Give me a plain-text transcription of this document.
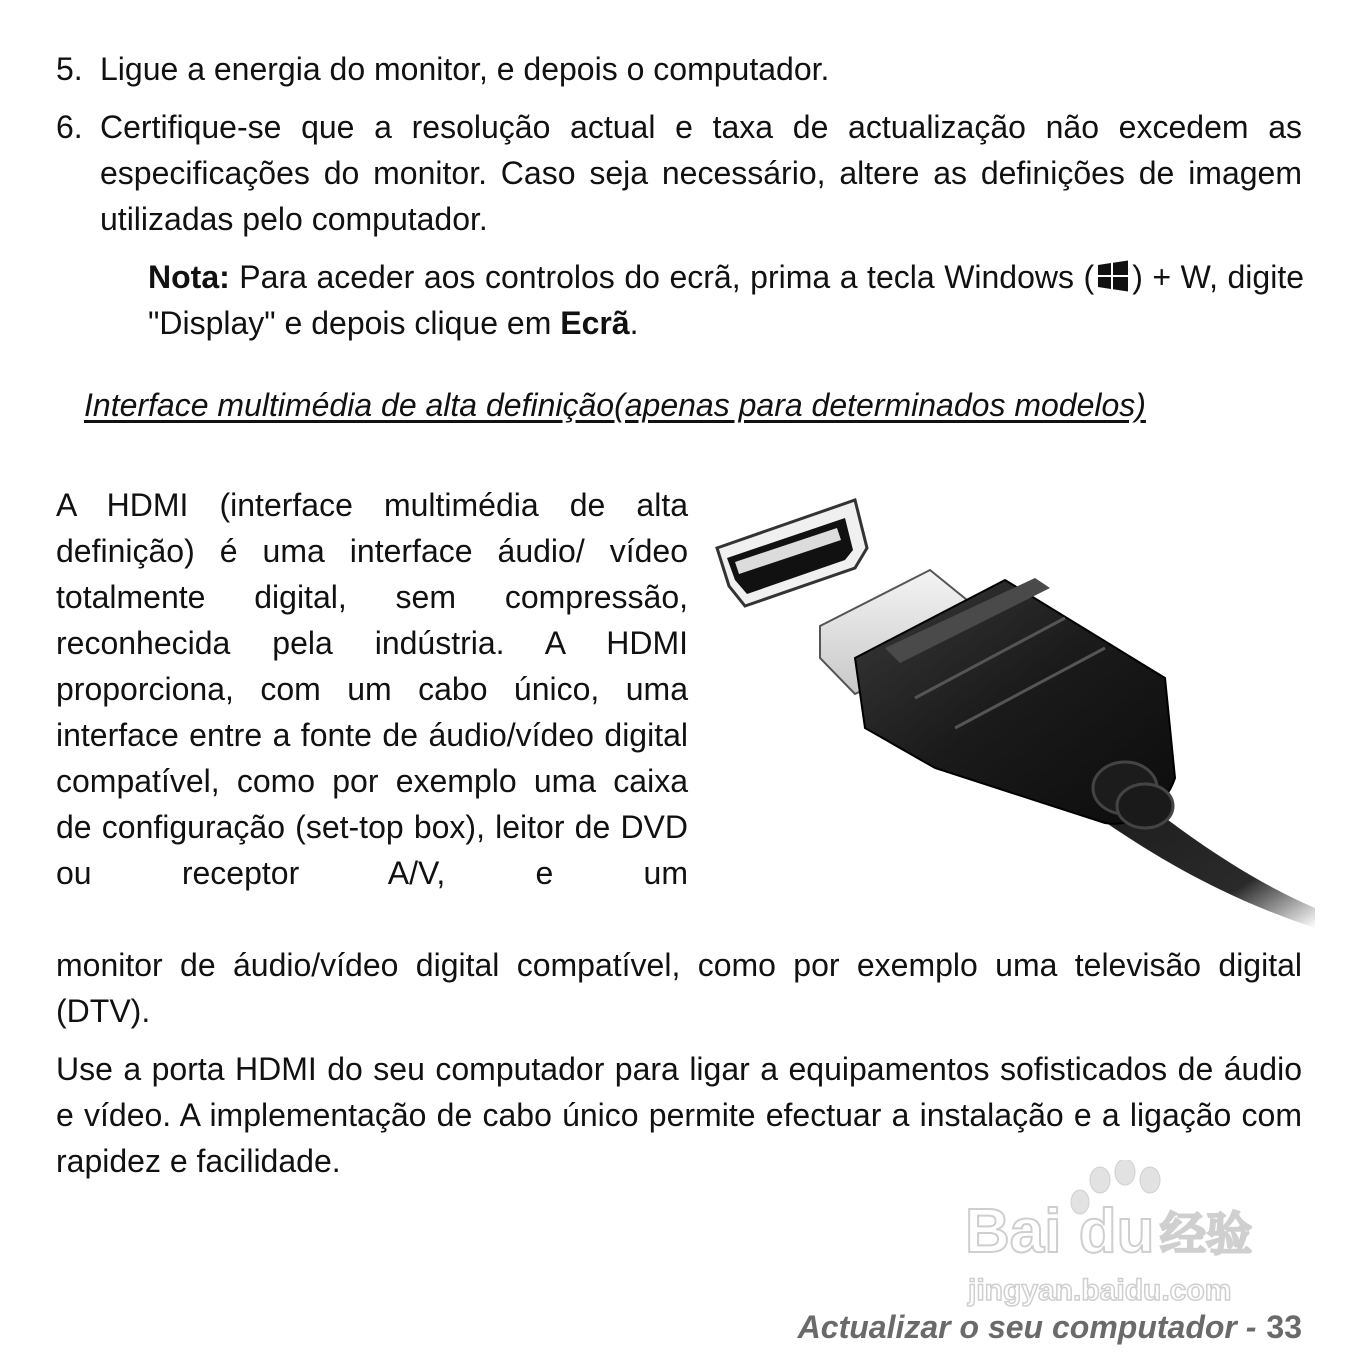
5. Ligue a energia do monitor, e depois o computador.
6. Certifique-se que a resolução actual e taxa de actualização não excedem as especificações do monitor. Caso seja necessário, altere as definições de imagem utilizadas pelo computador.
Nota: Para aceder aos controlos do ecrã, prima a tecla Windows ( ) + W, digite "Display" e depois clique em Ecrã.
Interface multimédia de alta definição(apenas para determinados modelos)
A HDMI (interface multimédia de alta definição) é uma interface áudio/ vídeo totalmente digital, sem compressão, reconhecida pela indústria. A HDMI proporciona, com um cabo único, uma interface entre a fonte de áudio/vídeo digital compatível, como por exemplo uma caixa de configuração (set-top box), leitor de DVD ou receptor A/V, e um
monitor de áudio/vídeo digital compatível, como por exemplo uma televisão digital (DTV).
Use a porta HDMI do seu computador para ligar a equipamentos sofisticados de áudio e vídeo. A implementação de cabo único permite efectuar a instalação e a ligação com rapidez e facilidade.
Bai du 经验
jingyan.baidu.com
Actualizar o seu computador - 33
